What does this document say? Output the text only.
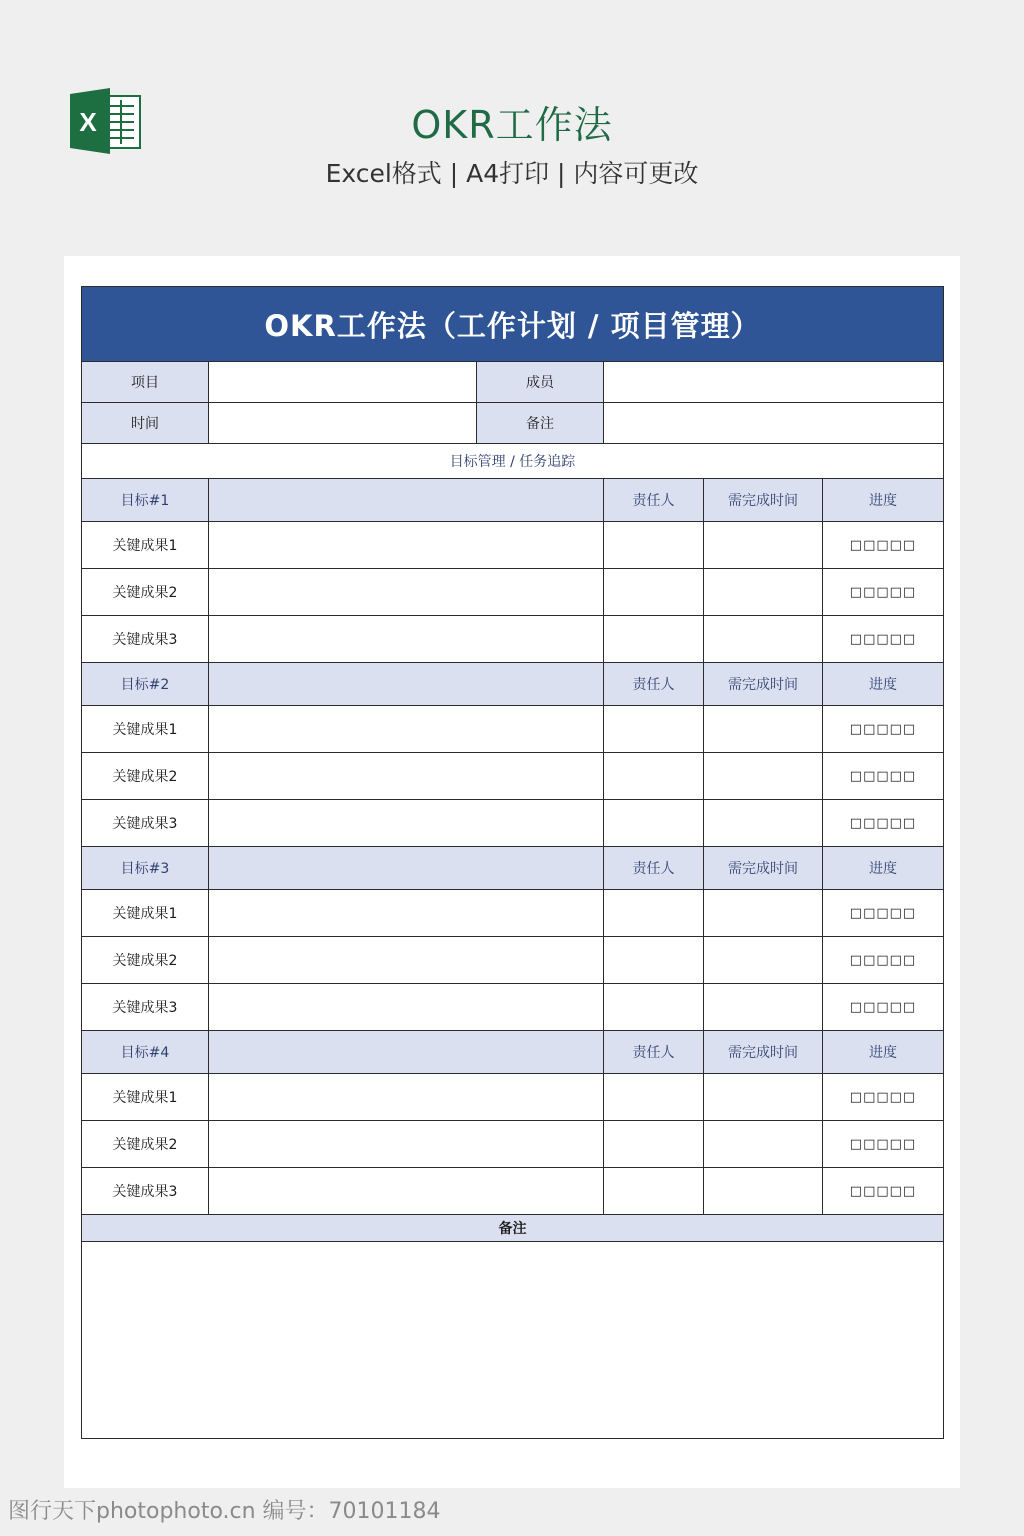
X	OKR工作法
Excel格式 | A4打印 | 内容可更改
OKR工作法（工作计划 / 项目管理）					
项目		成员			
时间		备注			
目标管理 / 任务追踪					
目标#1			责任人	需完成时间	进度
关键成果1					□□□□□
关键成果2					□□□□□
关键成果3					□□□□□
目标#2			责任人	需完成时间	进度
关键成果1					□□□□□
关键成果2					□□□□□
关键成果3					□□□□□
目标#3			责任人	需完成时间	进度
关键成果1					□□□□□
关键成果2					□□□□□
关键成果3					□□□□□
目标#4			责任人	需完成时间	进度
关键成果1					□□□□□
关键成果2					□□□□□
关键成果3					□□□□□
备注					

图行天下photophoto.cn 编号：70101184
